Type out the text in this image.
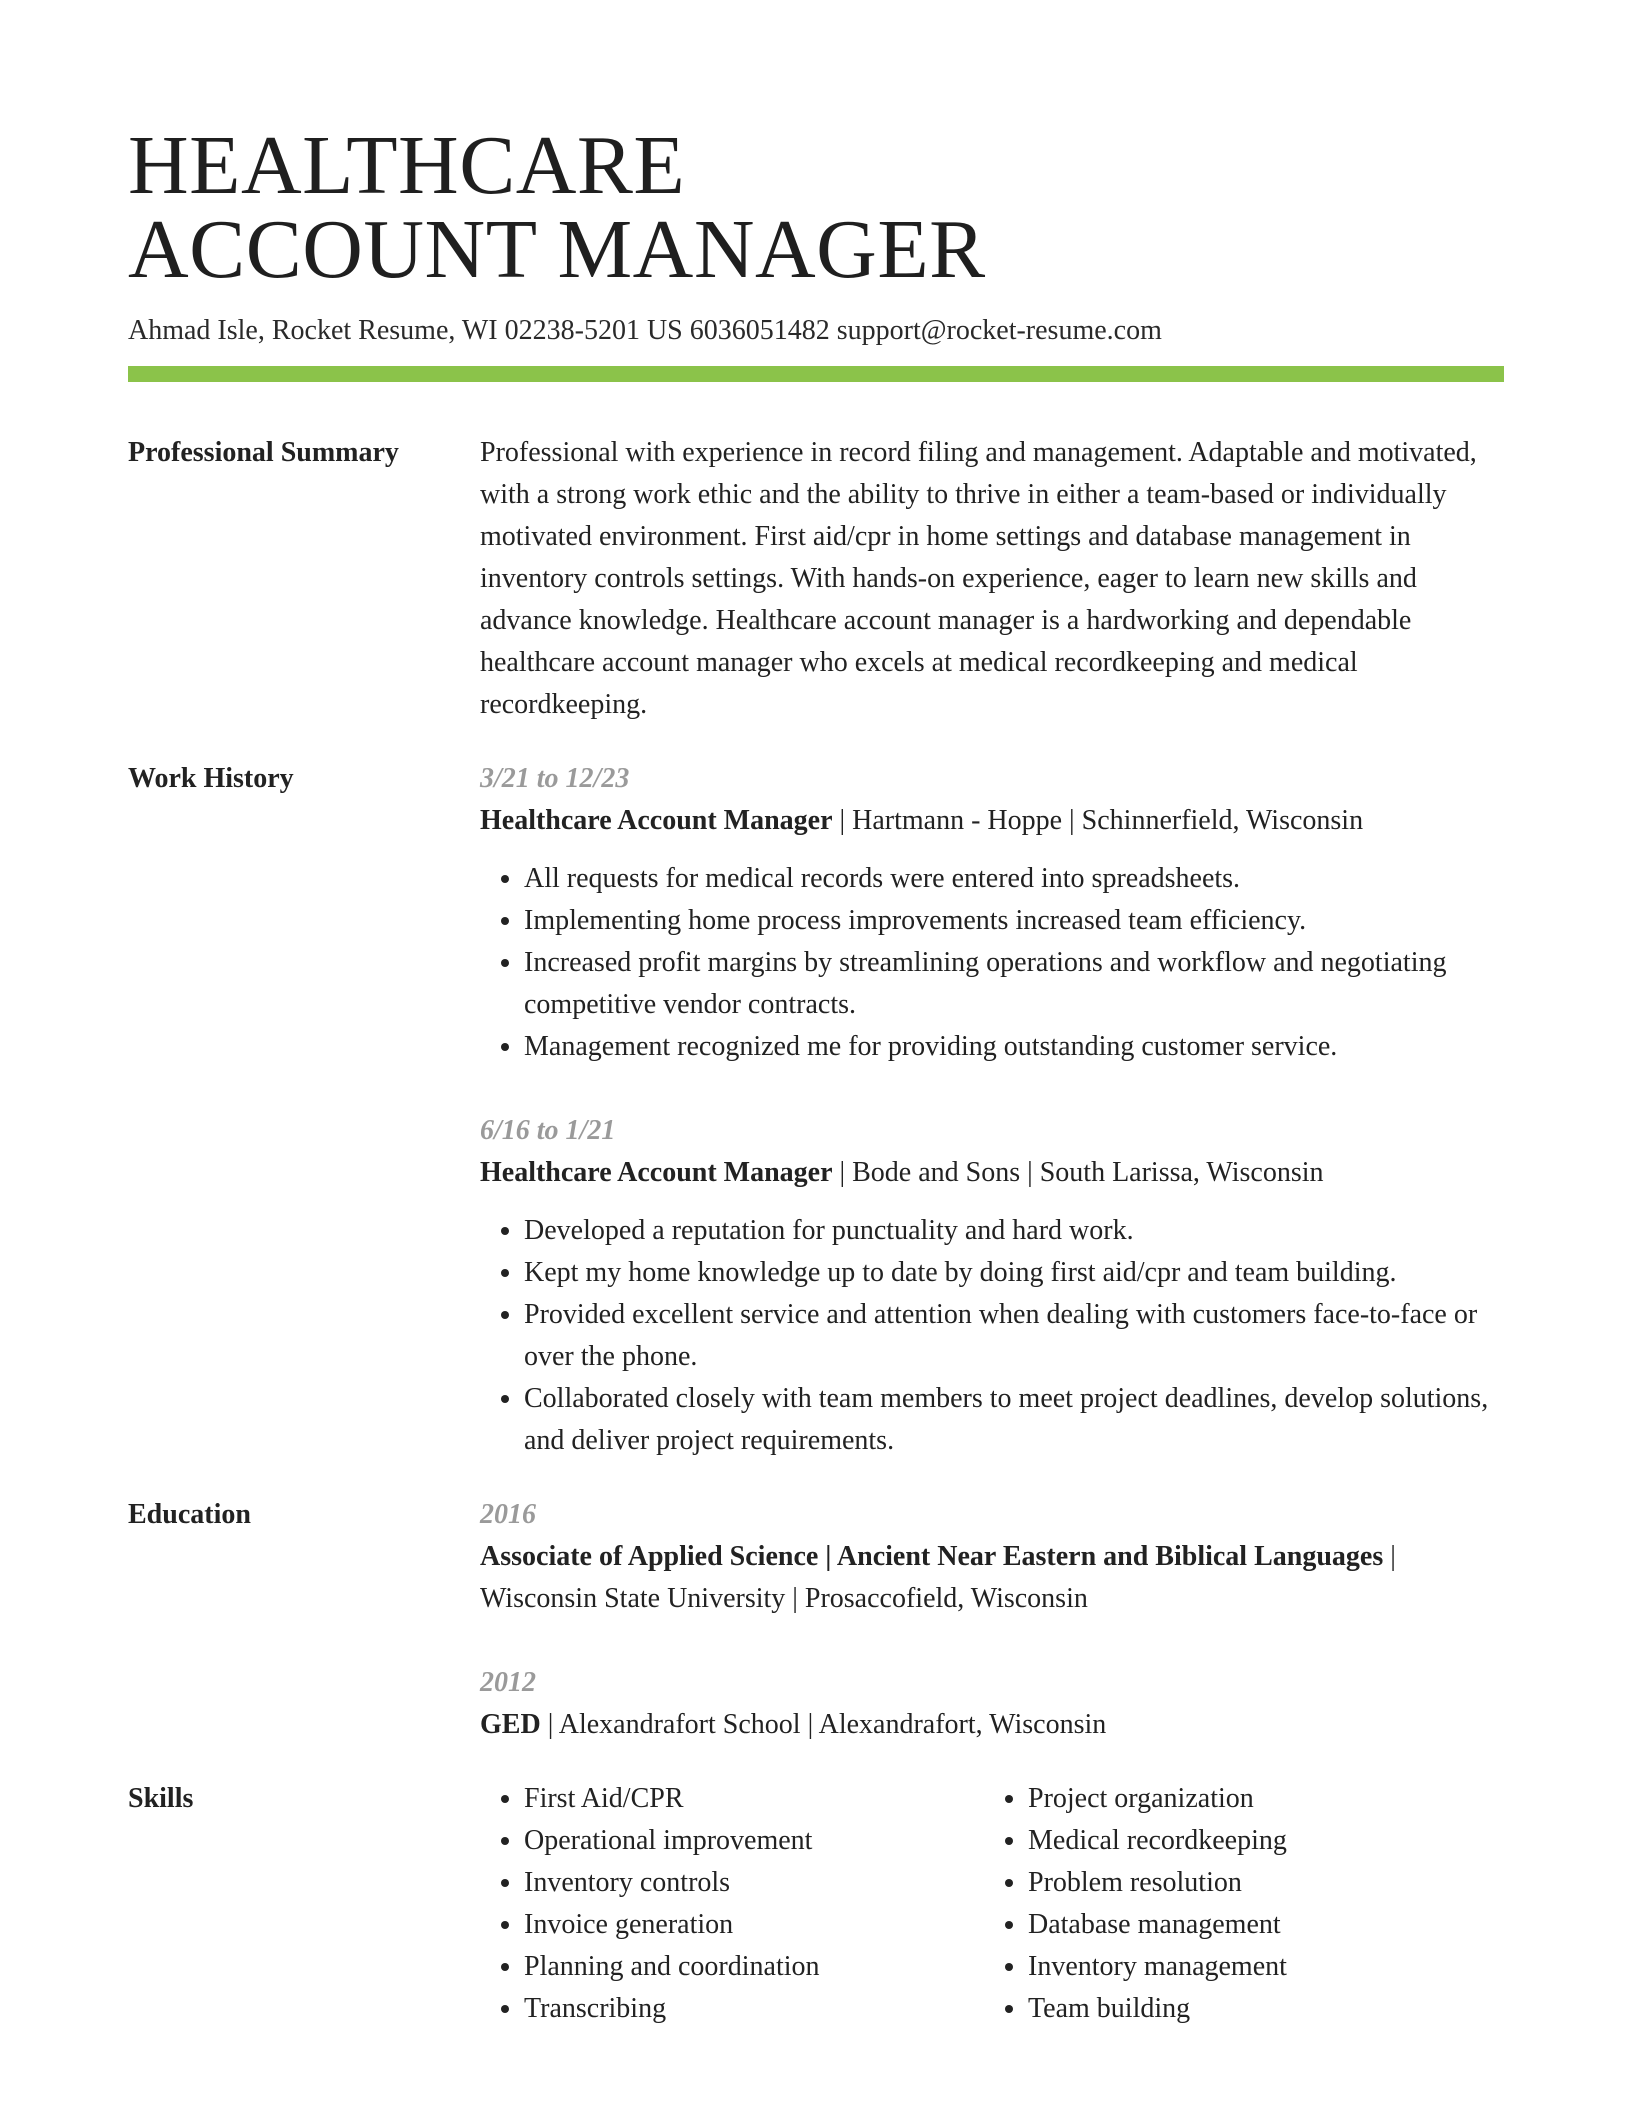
HEALTHCARE
ACCOUNT MANAGER
Ahmad Isle, Rocket Resume, WI 02238-5201 US 6036051482 support@rocket-resume.com
Professional Summary	Professional with experience in record filing and management. Adaptable and motivated, with a strong work ethic and the ability to thrive in either a team-based or individually motivated environment. First aid/cpr in home settings and database management in inventory controls settings. With hands-on experience, eager to learn new skills and advance knowledge. Healthcare account manager is a hardworking and dependable healthcare account manager who excels at medical recordkeeping and medical recordkeeping.

Work History	3/21 to 12/23

Healthcare Account Manager | Hartmann - Hoppe | Schinnerfield, Wisconsin

• All requests for medical records were entered into spreadsheets.
• Implementing home process improvements increased team efficiency.
• Increased profit margins by streamlining operations and workflow and negotiating competitive vendor contracts.
• Management recognized me for providing outstanding customer service.
6/16 to 1/21

Healthcare Account Manager | Bode and Sons | South Larissa, Wisconsin

• Developed a reputation for punctuality and hard work.
• Kept my home knowledge up to date by doing first aid/cpr and team building.
• Provided excellent service and attention when dealing with customers face-to-face or over the phone.
• Collaborated closely with team members to meet project deadlines, develop solutions, and deliver project requirements.
Education	2016

Associate of Applied Science | Ancient Near Eastern and Biblical Languages | Wisconsin State University | Prosaccofield, Wisconsin

2012

GED | Alexandrafort School | Alexandrafort, Wisconsin

Skills
•	First Aid/CPR
• Operational improvement
• Inventory controls
• Invoice generation
• Planning and coordination
• Transcribing
• Project organization
• Medical recordkeeping
• Problem resolution
• Database management
• Inventory management
• Team building
